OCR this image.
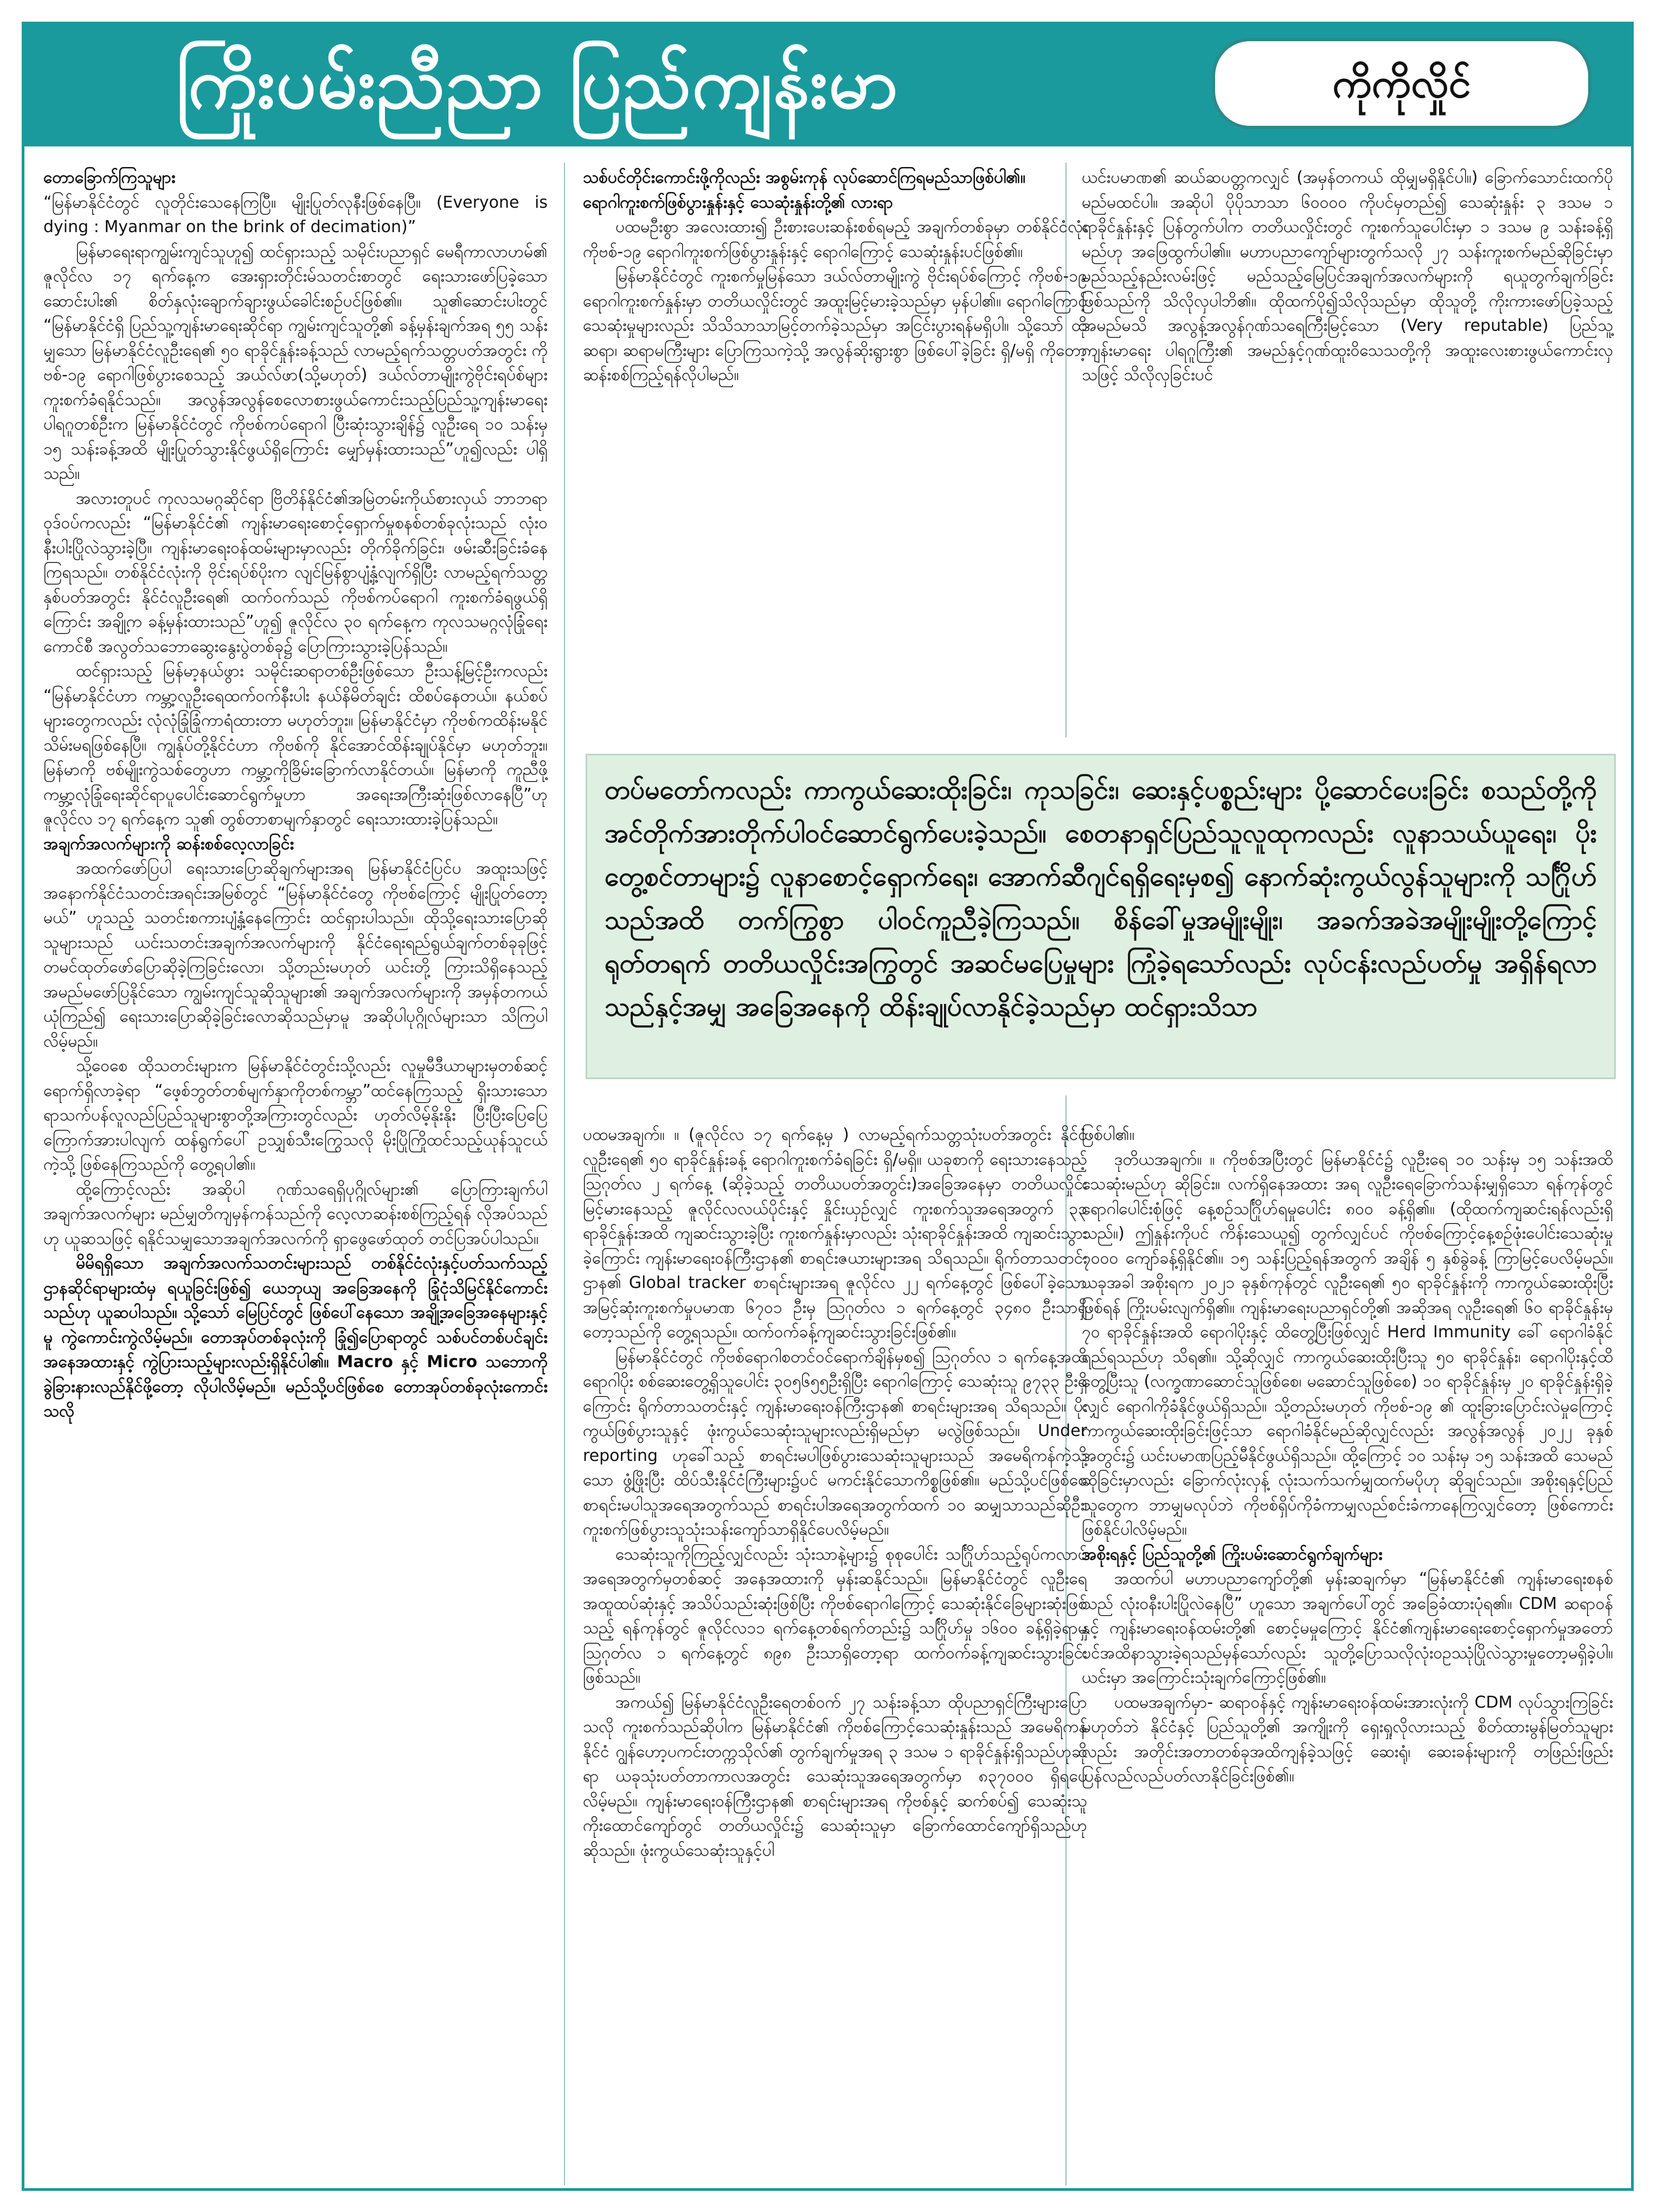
ကြိုးပမ်းညီညာ ပြည်ကျန်းမာ	ကိုကိုလှိုင်

တောခြောက်ကြသူများ

“မြန်မာနိုင်ငံတွင် လူတိုင်းသေနေကြပြီ။ မျိုးပြုတ်လုနီးဖြစ်နေပြီ။ (Everyone is dying : Myanmar on the brink of decimation)”

မြန်မာရေးရာကျွမ်းကျင်သူဟူ၍ ထင်ရှားသည့် သမိုင်းပညာရှင် မေရီကာလာဟမ်၏ ဇူလိုင်လ ၁၇ ရက်နေ့က အေးရှားတိုင်းမ်သတင်းစာတွင် ရေးသားဖော်ပြခဲ့သော ဆောင်းပါး၏ စိတ်နှလုံးချောက်ချားဖွယ်ခေါင်းစဉ်ပင်ဖြစ်၏။ သူ၏ဆောင်းပါးတွင် “မြန်မာနိုင်ငံရှိ ပြည်သူ့ကျန်းမာရေးဆိုင်ရာ ကျွမ်းကျင်သူတို့၏ ခန့်မှန်းချက်အရ ၅၅ သန်းမျှသော မြန်မာနိုင်ငံလူဦးရေ၏ ၅၀ ရာခိုင်နှုန်းခန့်သည် လာမည့်ရက်သတ္တပတ်အတွင်း ကိုဗစ်-၁၉ ရောဂါဖြစ်ပွားစေသည့် အယ်လ်ဖာ(သို့မဟုတ်) ဒယ်လ်တာမျိုးကွဲဗိုင်းရပ်စ်များ ကူးစက်ခံရနိုင်သည်။ အလွန်အလွန်စေလောစားဖွယ်ကောင်းသည့်ပြည်သူ့ကျန်းမာရေးပါရဂူတစ်ဦးက မြန်မာနိုင်ငံတွင် ကိုဗစ်ကပ်ရောဂါ ပြီးဆုံးသွားချိန်၌ လူဦးရေ ၁၀ သန်းမှ ၁၅ သန်းခန့်အထိ မျိုးပြုတ်သွားနိုင်ဖွယ်ရှိကြောင်း မျှော်မှန်းထားသည်”ဟူ၍လည်း ပါရှိသည်။

အလားတူပင် ကုလသမဂ္ဂဆိုင်ရာ ဗြိတိန်နိုင်ငံ၏အမြဲတမ်းကိုယ်စားလှယ် ဘာဘရာဝုဒ်ဝပ်ကလည်း “မြန်မာနိုင်ငံ၏ ကျန်းမာရေးစောင့်ရှောက်မှုစနစ်တစ်ခုလုံးသည် လုံးဝနီးပါးပြိုလဲသွားခဲ့ပြီ။ ကျန်းမာရေးဝန်ထမ်းများမှာလည်း တိုက်ခိုက်ခြင်း၊ ဖမ်းဆီးခြင်းခံနေကြရသည်။ တစ်နိုင်ငံလုံးကို ဗိုင်းရပ်စ်ပိုးက လျင်မြန်စွာပျံ့နှံ့လျက်ရှိပြီး လာမည့်ရက်သတ္တနှစ်ပတ်အတွင်း နိုင်ငံလူဦးရေ၏ ထက်ဝက်သည် ကိုဗစ်ကပ်ရောဂါ ကူးစက်ခံရဖွယ်ရှိကြောင်း အချို့က ခန့်မှန်းထားသည်”ဟူ၍ ဇူလိုင်လ ၃၀ ရက်နေ့က ကုလသမဂ္ဂလုံခြုံရေးကောင်စီ အလွတ်သဘောဆွေးနွေးပွဲတစ်ခု၌ ပြောကြားသွားခဲ့ပြန်သည်။

ထင်ရှားသည့် မြန်မာ့နယ်ဖွား သမိုင်းဆရာတစ်ဦးဖြစ်သော ဦးသန့်မြင့်ဦးကလည်း “မြန်မာနိုင်ငံဟာ ကမ္ဘာ့လူဦးရေထက်ဝက်နီးပါး နယ်နိမိတ်ချင်း ထိစပ်နေတယ်။ နယ်စပ်များတွေကလည်း လုံလုံခြုံခြုံကာရံထားတာ မဟုတ်ဘူး။ မြန်မာနိုင်ငံမှာ ကိုဗစ်ကထိန်းမနိုင်သိမ်းမရဖြစ်နေပြီ။ ကျွန်ုပ်တို့နိုင်ငံဟာ ကိုဗစ်ကို နိုင်အောင်ထိန်းချုပ်နိုင်မှာ မဟုတ်ဘူး။ မြန်မာကို ဗစ်မျိုးကွဲသစ်တွေဟာ ကမ္ဘာ့ကိုခြိမ်းခြောက်လာနိုင်တယ်။ မြန်မာကို ကူညီဖို့ ကမ္ဘာ့လုံခြုံရေးဆိုင်ရာပူပေါင်းဆောင်ရွက်မှုဟာ အရေးအကြီးဆုံးဖြစ်လာနေပြီ”ဟု ဇူလိုင်လ ၁၇ ရက်နေ့က သူ၏ တွစ်တာစာမျက်နှာတွင် ရေးသားထားခဲ့ပြန်သည်။

အချက်အလက်များကို ဆန်းစစ်လေ့လာခြင်း

အထက်ဖော်ပြပါ ရေးသားပြောဆိုချက်များအရ မြန်မာနိုင်ငံပြင်ပ အထူးသဖြင့် အနောက်နိုင်ငံသတင်းအရင်းအမြစ်တွင် “မြန်မာနိုင်ငံတွေ ကိုဗစ်ကြောင့် မျိုးပြုတ်တော့မယ်” ဟူသည့် သတင်းစကားပျံ့နှံ့နေကြောင်း ထင်ရှားပါသည်။ ထိုသို့ရေးသားပြောဆိုသူများသည် ယင်းသတင်းအချက်အလက်များကို နိုင်ငံရေးရည်ရွယ်ချက်တစ်ခုခုဖြင့် တမင်ထုတ်ဖော်ပြောဆိုခဲ့ကြခြင်းလော၊ သို့တည်းမဟုတ် ယင်းတို့ ကြားသိရှိနေသည့် အမည်မဖော်ပြနိုင်သော ကျွမ်းကျင်သူဆိုသူများ၏ အချက်အလက်များကို အမှန်တကယ်ယုံကြည်၍ ရေးသားပြောဆိုခဲ့ခြင်းလောဆိုသည်မှာမူ အဆိုပါပုဂ္ဂိုလ်များသာ သိကြပါလိမ့်မည်။

သို့ဝေစေ ထိုသတင်းများက မြန်မာနိုင်ငံတွင်းသို့လည်း လူမှုမီဒီယာများမှတစ်ဆင့်ရောက်ရှိလာခဲ့ရာ “ဖေ့စ်ဘွတ်တစ်မျက်နှာကိုတစ်ကမ္ဘာ”ထင်နေကြသည့် ရှိးသားသော ရာသက်ပန်လူလည်ပြည်သူများစွာတို့အကြားတွင်လည်း ဟုတ်လိမ့်နိုးနိုး ပြီးပြီးပြေပြေ ကြောက်အားပါလျက် ထန်ရွက်ပေါ် ဥသျှစ်သီးကြွေသလို မိုးပြိုကြိုထင်သည့်ယုန်သူငယ်ကဲ့သို့ ဖြစ်နေကြသည်ကို တွေ့ရပါ၏။

ထို့ကြောင့်လည်း အဆိုပါ ဂုဏ်သရေရှိပုဂ္ဂိုလ်များ၏ ပြောကြားချက်ပါ အချက်အလက်များ မည်မျှတိကျမှန်ကန်သည်ကို လေ့လာဆန်းစစ်ကြည့်ရန် လိုအပ်သည်ဟု ယူဆသဖြင့် ရနိုင်သမျှသောအချက်အလက်ကို ရှာဖွေဖော်ထုတ် တင်ပြအပ်ပါသည်။

မိမိရရှိသော အချက်အလက်သတင်းများသည် တစ်နိုင်ငံလုံးနှင့်ပတ်သက်သည့် ဌာနဆိုင်ရာများထံမှ ရယူခြင်းဖြစ်၍ ယေဘုယျ အခြေအနေကို ခြုံငုံသိမြင်နိုင်ကောင်းသည်ဟု ယူဆပါသည်။ သို့သော် မြေပြင်တွင် ဖြစ်ပေါ်နေသော အချို့အခြေအနေများနှင့်မူ ကွဲကောင်းကွဲလိမ့်မည်။ တောအုပ်တစ်ခုလုံးကို ခြုံ၍ပြောရာတွင် သစ်ပင်တစ်ပင်ချင်းအနေအထားနှင့် ကွဲပြားသည့်များလည်းရှိနိုင်ပါ၏။ Macro နှင့် Micro သဘောကို ခွဲခြားနားလည်နိုင်ဖို့တော့ လိုပါလိမ့်မည်။ မည်သို့ပင်ဖြစ်စေ တောအုပ်တစ်ခုလုံးကောင်းသလို

သစ်ပင်တိုင်းကောင်းဖို့ကိုလည်း အစွမ်းကုန် လုပ်ဆောင်ကြရမည်သာဖြစ်ပါ၏။

ရောဂါကူးစက်ဖြစ်ပွားနှုန်းနှင့် သေဆုံးနှုန်းတို့၏ လားရာ

ပထမဦးစွာ အလေးထား၍ ဦးစားပေးဆန်းစစ်ရမည့် အချက်တစ်ခုမှာ တစ်နိုင်ငံလုံး ကိုဗစ်-၁၉ ရောဂါကူးစက်ဖြစ်ပွားနှုန်းနှင့် ရောဂါကြောင့် သေဆုံးနှုန်းပင်ဖြစ်၏။

မြန်မာနိုင်ငံတွင် ကူးစက်မှုမြန်သော ဒယ်လ်တာမျိုးကွဲ ဗိုင်းရပ်စ်ကြောင့် ကိုဗစ်-၁၉ ရောဂါကူးစက်နှုန်းမှာ တတိယလှိုင်းတွင် အထူးမြင့်မားခဲ့သည်မှာ မှန်ပါ၏။ ရောဂါကြောင့် သေဆုံးမှုများလည်း သိသိသာသာမြင့်တက်ခဲ့သည်မှာ အငြင်းပွားရန်မရှိပါ။ သို့သော် ထိုဆရာ၊ ဆရာမကြီးများ ပြောကြသကဲ့သို့ အလွန်ဆိုးရွားစွာ ဖြစ်ပေါ်ခဲ့ခြင်း ရှိ/မရှိ ကိုတော့ ဆန်းစစ်ကြည့်ရန်လိုပါမည်။

ယင်းပမာဏ၏ ဆယ်ဆပတ္တကလျှင် (အမှန်တကယ် ထိုမျှမရှိနိုင်ပါ။) ခြောက်သောင်းထက်ပိုမည်မထင်ပါ။ အဆိုပါ ပိုပိုသာသာ ၆၀၀၀၀ ကိုပင်မှတည်၍ သေဆုံးနှုန်း ၃ ဒသမ ၁ ရာခိုင်နှုန်းနှင့် ပြန်တွက်ပါက တတိယလှိုင်းတွင် ကူးစက်သူပေါင်းမှာ ၁ ဒသမ ၉ သန်းခန့်ရှိမည်ဟု အဖြေထွက်ပါ၏။ မဟာပညာကျော်များတွက်သလို ၂၇ သန်းကူးစက်မည်ဆိုခြင်းမှာ မည်သည့်နည်းလမ်းဖြင့် မည်သည့်မြေပြင်အချက်အလက်များကို ရယူတွက်ချက်ခြင်းဖြစ်သည်ကို သိလိုလှပါဘိ၏။ ထိုထက်ပို၍သိလိုသည်မှာ ထိုသူတို့ ကိုးကားဖော်ပြခဲ့သည့် အမည်မသိ အလွန့်အလွန်ဂုဏ်သရေကြီးမြင့်သော (Very reputable) ပြည်သူ့ကျန်းမာရေး ပါရဂူကြီး၏ အမည်နှင့်ဂုဏ်ထူးဝိသေသတို့ကို အထူးလေးစားဖွယ်ကောင်းလှသဖြင့် သိလိုလှခြင်းပင်

တပ်မတော်ကလည်း ကာကွယ်ဆေးထိုးခြင်း၊ ကုသခြင်း၊ ဆေးနှင့်ပစ္စည်းများ ပို့ဆောင်ပေးခြင်း စသည်တို့ကို အင်တိုက်အားတိုက်ပါဝင်ဆောင်ရွက်ပေးခဲ့သည်။ စေတနာရှင်ပြည်သူလူထုကလည်း လူနာသယ်ယူရေး၊ ပိုးတွေ့စင်တာများ၌ လူနာစောင့်ရှောက်ရေး၊ အောက်ဆီဂျင်ရရှိရေးမှစ၍ နောက်ဆုံးကွယ်လွန်သူများကို သင်္ဂြိုဟ်သည်အထိ တက်ကြွစွာ ပါဝင်ကူညီခဲ့ကြသည်။ စိန်ခေါ်မှုအမျိုးမျိုး၊ အခက်အခဲအမျိုးမျိုးတို့ကြောင့် ရုတ်တရက် တတိယလှိုင်းအကြွတွင် အဆင်မပြေမှုများ ကြုံခဲ့ရသော်လည်း လုပ်ငန်းလည်ပတ်မှု အရှိန်ရလာသည်နှင့်အမျှ အခြေအနေကို ထိန်းချုပ်လာနိုင်ခဲ့သည်မှာ ထင်ရှားသိသာ

ပထမအချက်။ ။ (ဇူလိုင်လ ၁၇ ရက်နေ့မှ ) လာမည့်ရက်သတ္တသုံးပတ်အတွင်း နိုင်ငံလူဦးရေ၏ ၅၀ ရာခိုင်နှုန်းခန့် ရောဂါကူးစက်ခံရခြင်း ရှိ/မရှိ။ ယခုစာကို ရေးသားနေသည့် ဩဂုတ်လ ၂ ရက်နေ့ (ဆိုခဲ့သည့် တတိယပတ်အတွင်း)အခြေအနေမှာ တတိယလှိုင်း မြင့်မားနေသည့် ဇူလိုင်လလယ်ပိုင်းနှင့် နှိုင်းယှဉ်လျှင် ကူးစက်သူအရေအတွက် ၃၃ ရာခိုင်နှုန်းအထိ ကျဆင်းသွားခဲ့ပြီး ကူးစက်နှုန်းမှာလည်း သုံးရာခိုင်နှုန်းအထိ ကျဆင်းသွားခဲ့ကြောင်း ကျန်းမာရေးဝန်ကြီးဌာန၏ စာရင်းဇယားများအရ သိရသည်။ ရိုက်တာသတင်းဌာန၏ Global tracker စာရင်းများအရ ဇူလိုင်လ ၂၂ ရက်နေ့တွင် ဖြစ်ပေါ်ခဲ့သော အမြင့်ဆုံးကူးစက်မှုပမာဏ ၆၇၀၁ ဦးမှ ဩဂုတ်လ ၁ ရက်နေ့တွင် ၃၄၈၀ ဦးသာရှိတော့သည်ကို တွေ့ရသည်။ ထက်ဝက်ခန့်ကျဆင်းသွားခြင်းဖြစ်၏။

မြန်မာနိုင်ငံတွင် ကိုဗစ်ရောဂါစတင်ဝင်ရောက်ချိန်မှစ၍ ဩဂုတ်လ ၁ ရက်နေ့အထိ ရောဂါပိုး စစ်ဆေးတွေ့ရှိသူပေါင်း ၃၀၅၆၅၅ဦးရှိပြီး ရောဂါကြောင့် သေဆုံးသူ ၉၇၃၃ ဦးရှိကြောင်း ရိုက်တာသတင်းနှင့် ကျန်းမာရေးဝန်ကြီးဌာန၏ စာရင်းများအရ သိရသည်။ ပိုးကွယ်ဖြစ်ပွားသူနှင့် ဖုံးကွယ်သေဆုံးသူများလည်းရှိမည်မှာ မလွဲဖြစ်သည်။ Under reporting ဟုခေါ်သည့် စာရင်းမပါဖြစ်ပွားသေဆုံးသူများသည် အမေရိကန်ကဲ့သို့သော ဖွံ့ဖြိုးပြီး ထိပ်သီးနိုင်ငံကြီးများ၌ပင် မကင်းနိုင်သောကိစ္စဖြစ်၏။ မည်သို့ပင်ဖြစ်စေ စာရင်းမပါသူအရေအတွက်သည် စာရင်းပါအရေအတွက်ထက် ၁၀ ဆမျှသာသည်ဆိုဦး၊ ကူးစက်ဖြစ်ပွားသူသုံးသန်းကျော်သာရှိနိုင်ပေလိမ့်မည်။

သေဆုံးသူကိုကြည့်လျှင်လည်း သုံးသာနဲ့များ၌ စုစုပေါင်း သင်္ဂြိုဟ်သည့်ရုပ်ကလာပ်အရေအတွက်မှတစ်ဆင့် အနေအထားကို မှန်းဆနိုင်သည်။ မြန်မာနိုင်ငံတွင် လူဦးရေအထူထပ်ဆုံးနှင့် အသိပ်သည်းဆုံးဖြစ်ပြီး ကိုဗစ်ရောဂါကြောင့် သေဆုံးနိုင်ခြေများဆုံးဖြစ်သည့် ရန်ကုန်တွင် ဇူလိုင်လ၁၁ ရက်နေ့တစ်ရက်တည်း၌ သင်္ဂြိုဟ်မှု ၁၆၀၀ ခန့်ရှိခဲ့ရာမှ ဩဂုတ်လ ၁ ရက်နေ့တွင် ၈၉၈ ဦးသာရှိတော့ရာ ထက်ဝက်ခန့်ကျဆင်းသွားခြင်းဖြစ်သည်။

အကယ်၍ မြန်မာနိုင်ငံလူဦးရေတစ်ဝက် ၂၇ သန်းခန့်သာ ထိုပညာရှင်ကြီးများပြောသလို ကူးစက်သည်ဆိုပါက မြန်မာနိုင်ငံ၏ ကိုဗစ်ကြောင့်သေဆုံးနှုန်းသည် အမေရိကန်နိုင်ငံ ဂျွန်ဟော့ပကင်းတက္ကသိုလ်၏ တွက်ချက်မှုအရ ၃ ဒသမ ၁ ရာခိုင်နှုန်းရှိသည်ဟုဆိုရာ ယခုသုံးပတ်တာကာလအတွင်း သေဆုံးသူအရေအတွက်မှာ ၈၃၇၀၀၀ ရှိရပေလိမ့်မည်။ ကျန်းမာရေးဝန်ကြီးဌာန၏ စာရင်းများအရ ကိုဗစ်နှင့် ဆက်စပ်၍ သေဆုံးသူ ကိုးထောင်ကျော်တွင် တတိယလှိုင်း၌ သေဆုံးသူမှာ ခြောက်ထောင်ကျော်ရှိသည်ဟု ဆိုသည်။ ဖုံးကွယ်သေဆုံးသူနှင့်ပါ

ဖြစ်ပါ၏။

ဒုတိယအချက်။ ။ ကိုဗစ်အပြီးတွင် မြန်မာနိုင်ငံ၌ လူဦးရေ ၁၀ သန်းမှ ၁၅ သန်းအထိ သေဆုံးမည်ဟု ဆိုခြင်း။ လက်ရှိနေအထား အရ လူဦးရေခြောက်သန်းမျှရှိသော ရန်ကုန်တွင် ရောဂါပေါင်းစုံဖြင့် နေ့စဉ်သင်္ဂြိုဟ်ရမှုပေါင်း ၈၀၀ ခန့်ရှိ၏။ (ထိုထက်ကျဆင်းရန်လည်းရှိသည်။) ဤနှုန်းကိုပင် ကိန်းသေယူ၍ တွက်လျှင်ပင် ကိုဗစ်ကြောင့်နေ့စဉ်ဖုံးပေါင်းသေဆုံးမှု ၇၀၀၀ ကျော်ခန့်ရှိနိုင်၏။ ၁၅ သန်းပြည့်ရန်အတွက် အချိန် ၅ နှစ်ခွဲခန့် ကြာမြင့်ပေလိမ့်မည်။ ယခုအခါ အစိုးရက ၂၀၂၁ ခုနှစ်ကုန်တွင် လူဦးရေ၏ ၅၀ ရာခိုင်နှုန်းကို ကာကွယ်ဆေးထိုးပြီးဖြစ်ရန် ကြိုးပမ်းလျက်ရှိ၏။ ကျန်းမာရေးပညာရှင်တို့၏ အဆိုအရ လူဦးရေ၏ ၆၀ ရာခိုင်နှုန်းမှ ၇၀ ရာခိုင်နှုန်းအထိ ရောဂါပိုးနှင့် ထိတွေ့ပြီးဖြစ်လျှင် Herd Immunity ခေါ် ရောဂါခံနိုင်ရည်ရသည်ဟု သိရ၏။ သို့ဆိုလျှင် ကာကွယ်ဆေးထိုးပြီးသူ ၅၀ ရာခိုင်နှုန်း၊ ရောဂါပိုးနှင့်ထိတွေ့ပြီးသူ (လက္ခဏာဆောင်သူဖြစ်စေ၊ မဆောင်သူဖြစ်စေ) ၁၀ ရာခိုင်နှုန်းမှ ၂၀ ရာခိုင်နှုန်းရှိခဲ့လျှင် ရောဂါကိုခံနိုင်ဖွယ်ရှိသည်။ သို့တည်းမဟုတ် ကိုဗစ်-၁၉ ၏ ထူးခြားပြောင်းလဲမှုကြောင့် ကာကွယ်ဆေးထိုးခြင်းဖြင့်သာ ရောဂါခံနိုင်မည်ဆိုလျှင်လည်း အလွန်အလွန် ၂၀၂၂ ခုနှစ်အတွင်း၌ ယင်းပမာဏပြည့်မီနိုင်ဖွယ်ရှိသည်။ ထို့ကြောင့် ၁၀ သန်းမှ ၁၅ သန်းအထိ သေမည်ဆိုခြင်းမှာလည်း ခြောက်လုံးလှန့် လုံးသက်သက်မျှထက်မပိုဟု ဆိုချင်သည်။ အစိုးရနှင့်ပြည်သူတွေက ဘာမျှမလုပ်ဘဲ ကိုဗစ်ရှိပ်ကိုခံကာမျှလည်စင်းခံကာနေကြလျှင်တော့ ဖြစ်ကောင်းဖြစ်နိုင်ပါလိမ့်မည်။

အစိုးရနှင့် ပြည်သူတို့၏ ကြိုးပမ်းဆောင်ရွက်ချက်များ

အထက်ပါ မဟာပညာကျော်တို့၏ မှန်းဆချက်မှာ “မြန်မာနိုင်ငံ၏ ကျန်းမာရေးစနစ်သည် လုံးဝနီးပါးပြိုလဲနေပြီ” ဟူသော အချက်ပေါ်တွင် အခြေခံထားပုံရ၏။ CDM ဆရာဝန်နှင့် ကျန်းမာရေးဝန်ထမ်းတို့၏ စောင့်မမှုကြောင့် နိုင်ငံ၏ကျန်းမာရေးစောင့်ရှောက်မှုအတော်ပင်အထိနာသွားခဲ့ရသည်မှန်သော်လည်း သူတို့ပြောသလိုလုံးဝဥဿုံပြိုလဲသွားမှုတော့မရှိခဲ့ပါ။ ယင်းမှာ အကြောင်းသုံးချက်ကြောင့်ဖြစ်၏။

ပထမအချက်မှာ- ဆရာဝန်နှင့် ကျန်းမာရေးဝန်ထမ်းအားလုံးကို CDM လုပ်သွားကြခြင်းမဟုတ်ဘဲ နိုင်ငံနှင့် ပြည်သူတို့၏ အကျိုးကို ရှေးရှုလိုလားသည့် စိတ်ထားမွန်မြတ်သူများလည်း အတိုင်းအတာတစ်ခုအထိကျန်ခဲ့သဖြင့် ဆေးရုံ၊ ဆေးခန်းများကို တဖြည်းဖြည်းပြန်လည်လည်ပတ်လာနိုင်ခြင်းဖြစ်၏။
